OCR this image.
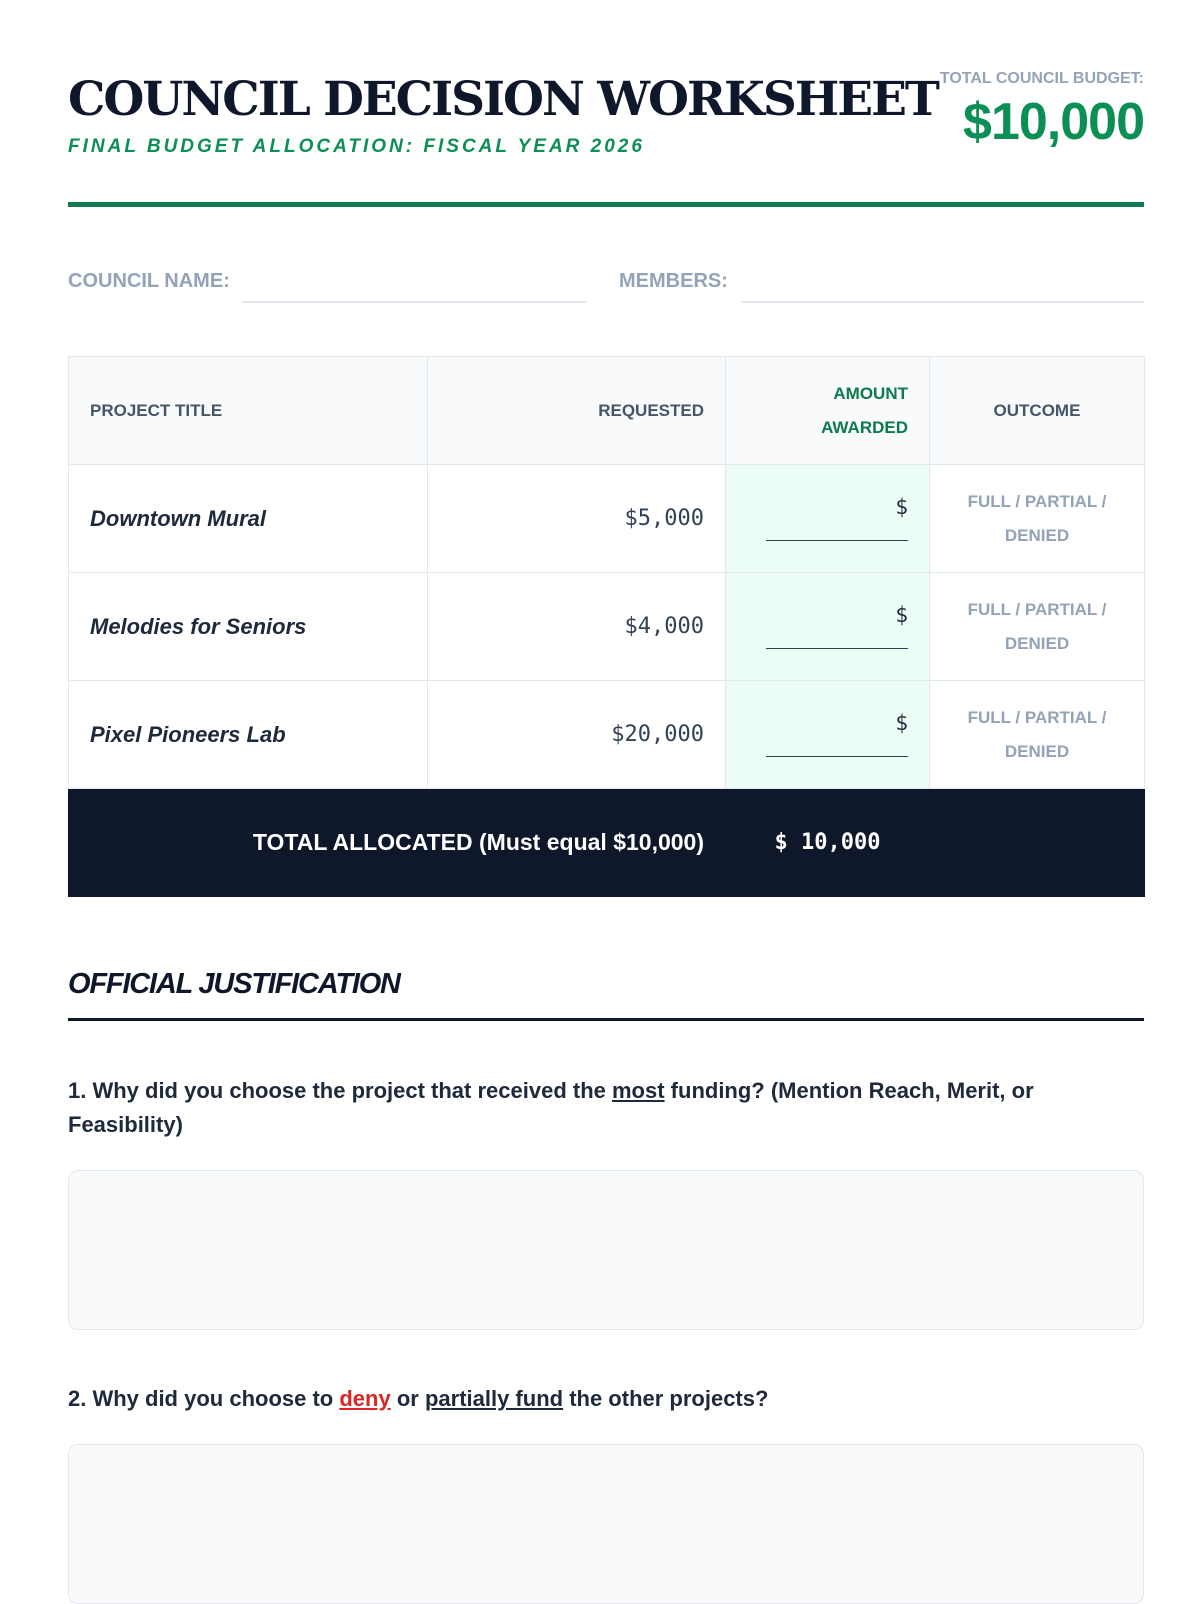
COUNCIL DECISION WORKSHEET
FINAL BUDGET ALLOCATION: FISCAL YEAR 2026
TOTAL COUNCIL BUDGET:
$10,000
COUNCIL NAME:	MEMBERS:
PROJECT TITLE	REQUESTED	AMOUNT
AWARDED	OUTCOME
Downtown Mural	$5,000	$	FULL / PARTIAL /
DENIED
Melodies for Seniors	$4,000	$	FULL / PARTIAL /
DENIED
Pixel Pioneers Lab	$20,000	$	FULL / PARTIAL /
DENIED
TOTAL ALLOCATED (Must equal $10,000)		$ 10,000	
OFFICIAL JUSTIFICATION
1. Why did you choose the project that received the most funding? (Mention Reach, Merit, or Feasibility)
2. Why did you choose to deny or partially fund the other projects?
